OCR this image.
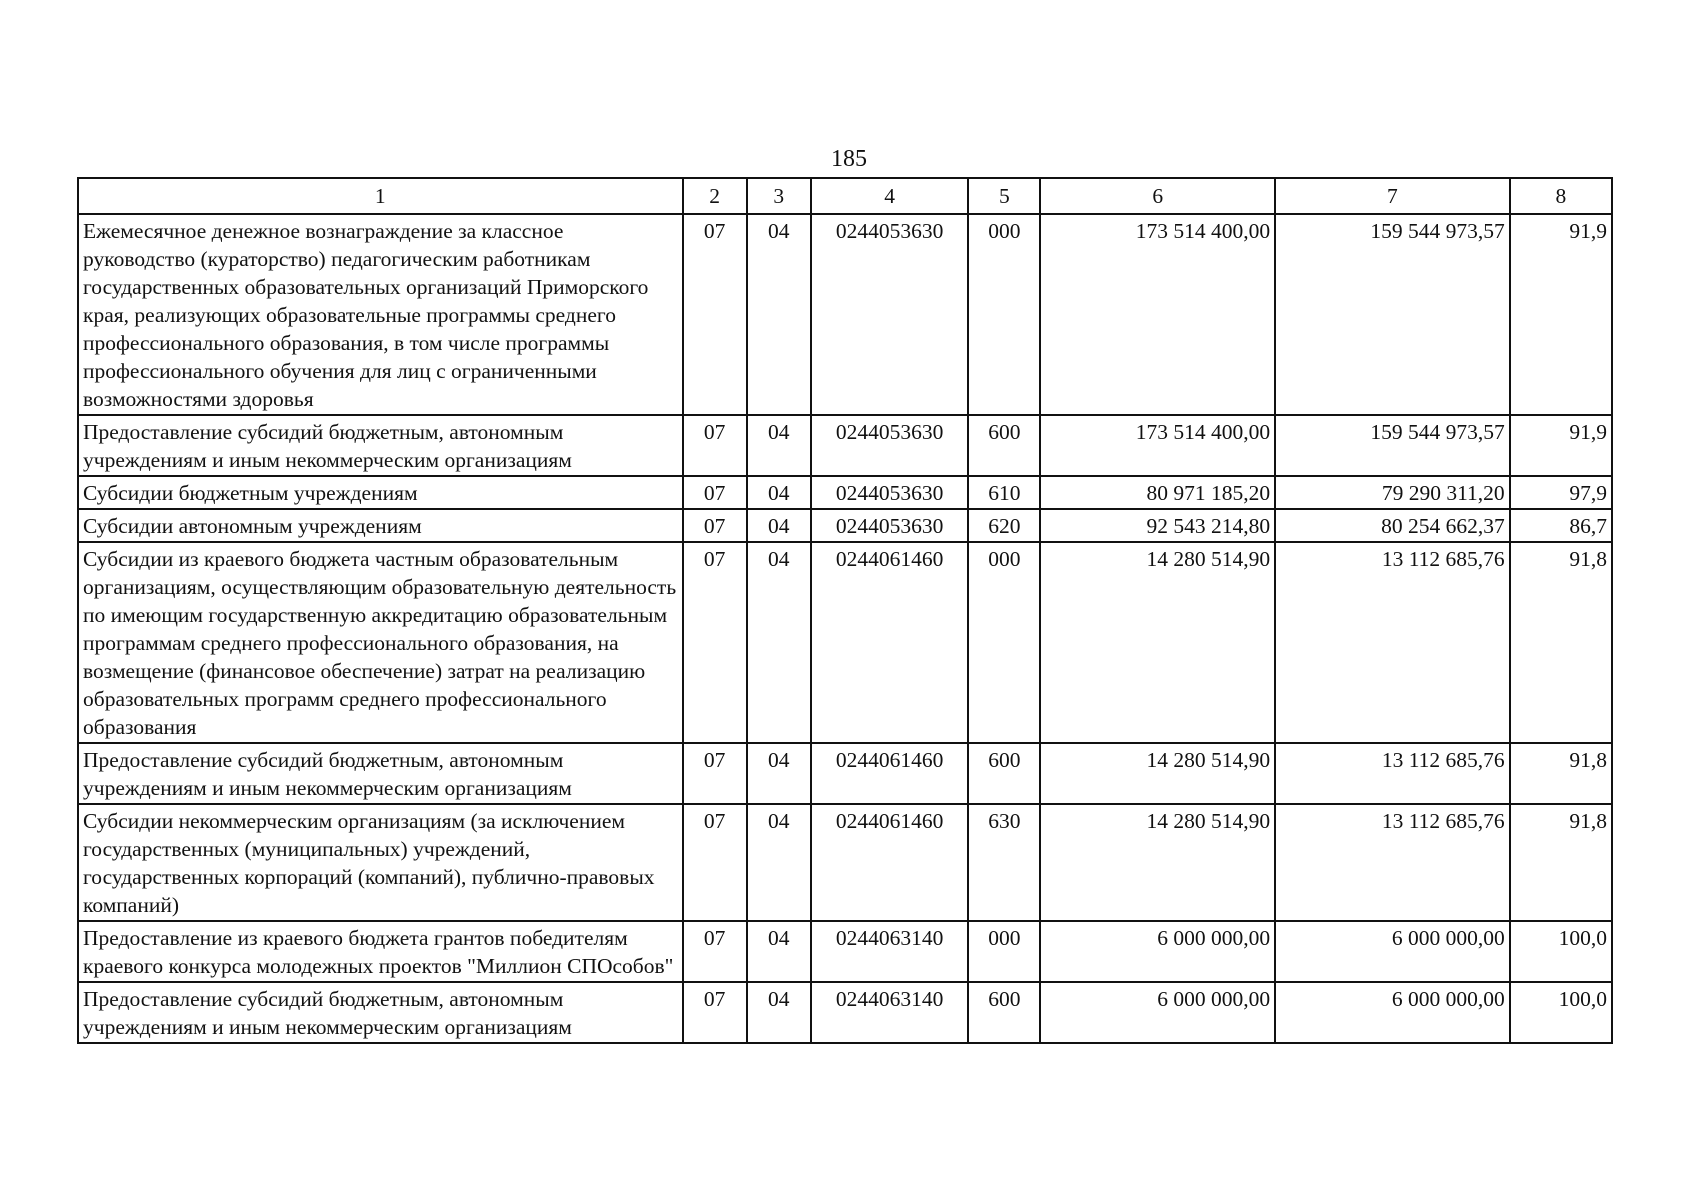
185
1	2	3	4	5	6	7	8
Ежемесячное денежное вознаграждение за классное руководство (кураторство) педагогическим работникам государственных образовательных организаций Приморского края, реализующих образовательные программы среднего профессионального образования, в том числе программы профессионального обучения для лиц с ограниченными возможностями здоровья	07	04	0244053630	000	173 514 400,00	159 544 973,57	91,9
Предоставление субсидий бюджетным, автономным учреждениям и иным некоммерческим организациям	07	04	0244053630	600	173 514 400,00	159 544 973,57	91,9
Субсидии бюджетным учреждениям	07	04	0244053630	610	80 971 185,20	79 290 311,20	97,9
Субсидии автономным учреждениям	07	04	0244053630	620	92 543 214,80	80 254 662,37	86,7
Субсидии из краевого бюджета частным образовательным организациям, осуществляющим образовательную деятельность по имеющим государственную аккредитацию образовательным программам среднего профессионального образования, на возмещение (финансовое обеспечение) затрат на реализацию образовательных программ среднего профессионального образования	07	04	0244061460	000	14 280 514,90	13 112 685,76	91,8
Предоставление субсидий бюджетным, автономным учреждениям и иным некоммерческим организациям	07	04	0244061460	600	14 280 514,90	13 112 685,76	91,8
Субсидии некоммерческим организациям (за исключением государственных (муниципальных) учреждений, государственных корпораций (компаний), публично-правовых компаний)	07	04	0244061460	630	14 280 514,90	13 112 685,76	91,8
Предоставление из краевого бюджета грантов победителям краевого конкурса молодежных проектов "Миллион СПОсобов"	07	04	0244063140	000	6 000 000,00	6 000 000,00	100,0
Предоставление субсидий бюджетным, автономным учреждениям и иным некоммерческим организациям	07	04	0244063140	600	6 000 000,00	6 000 000,00	100,0
